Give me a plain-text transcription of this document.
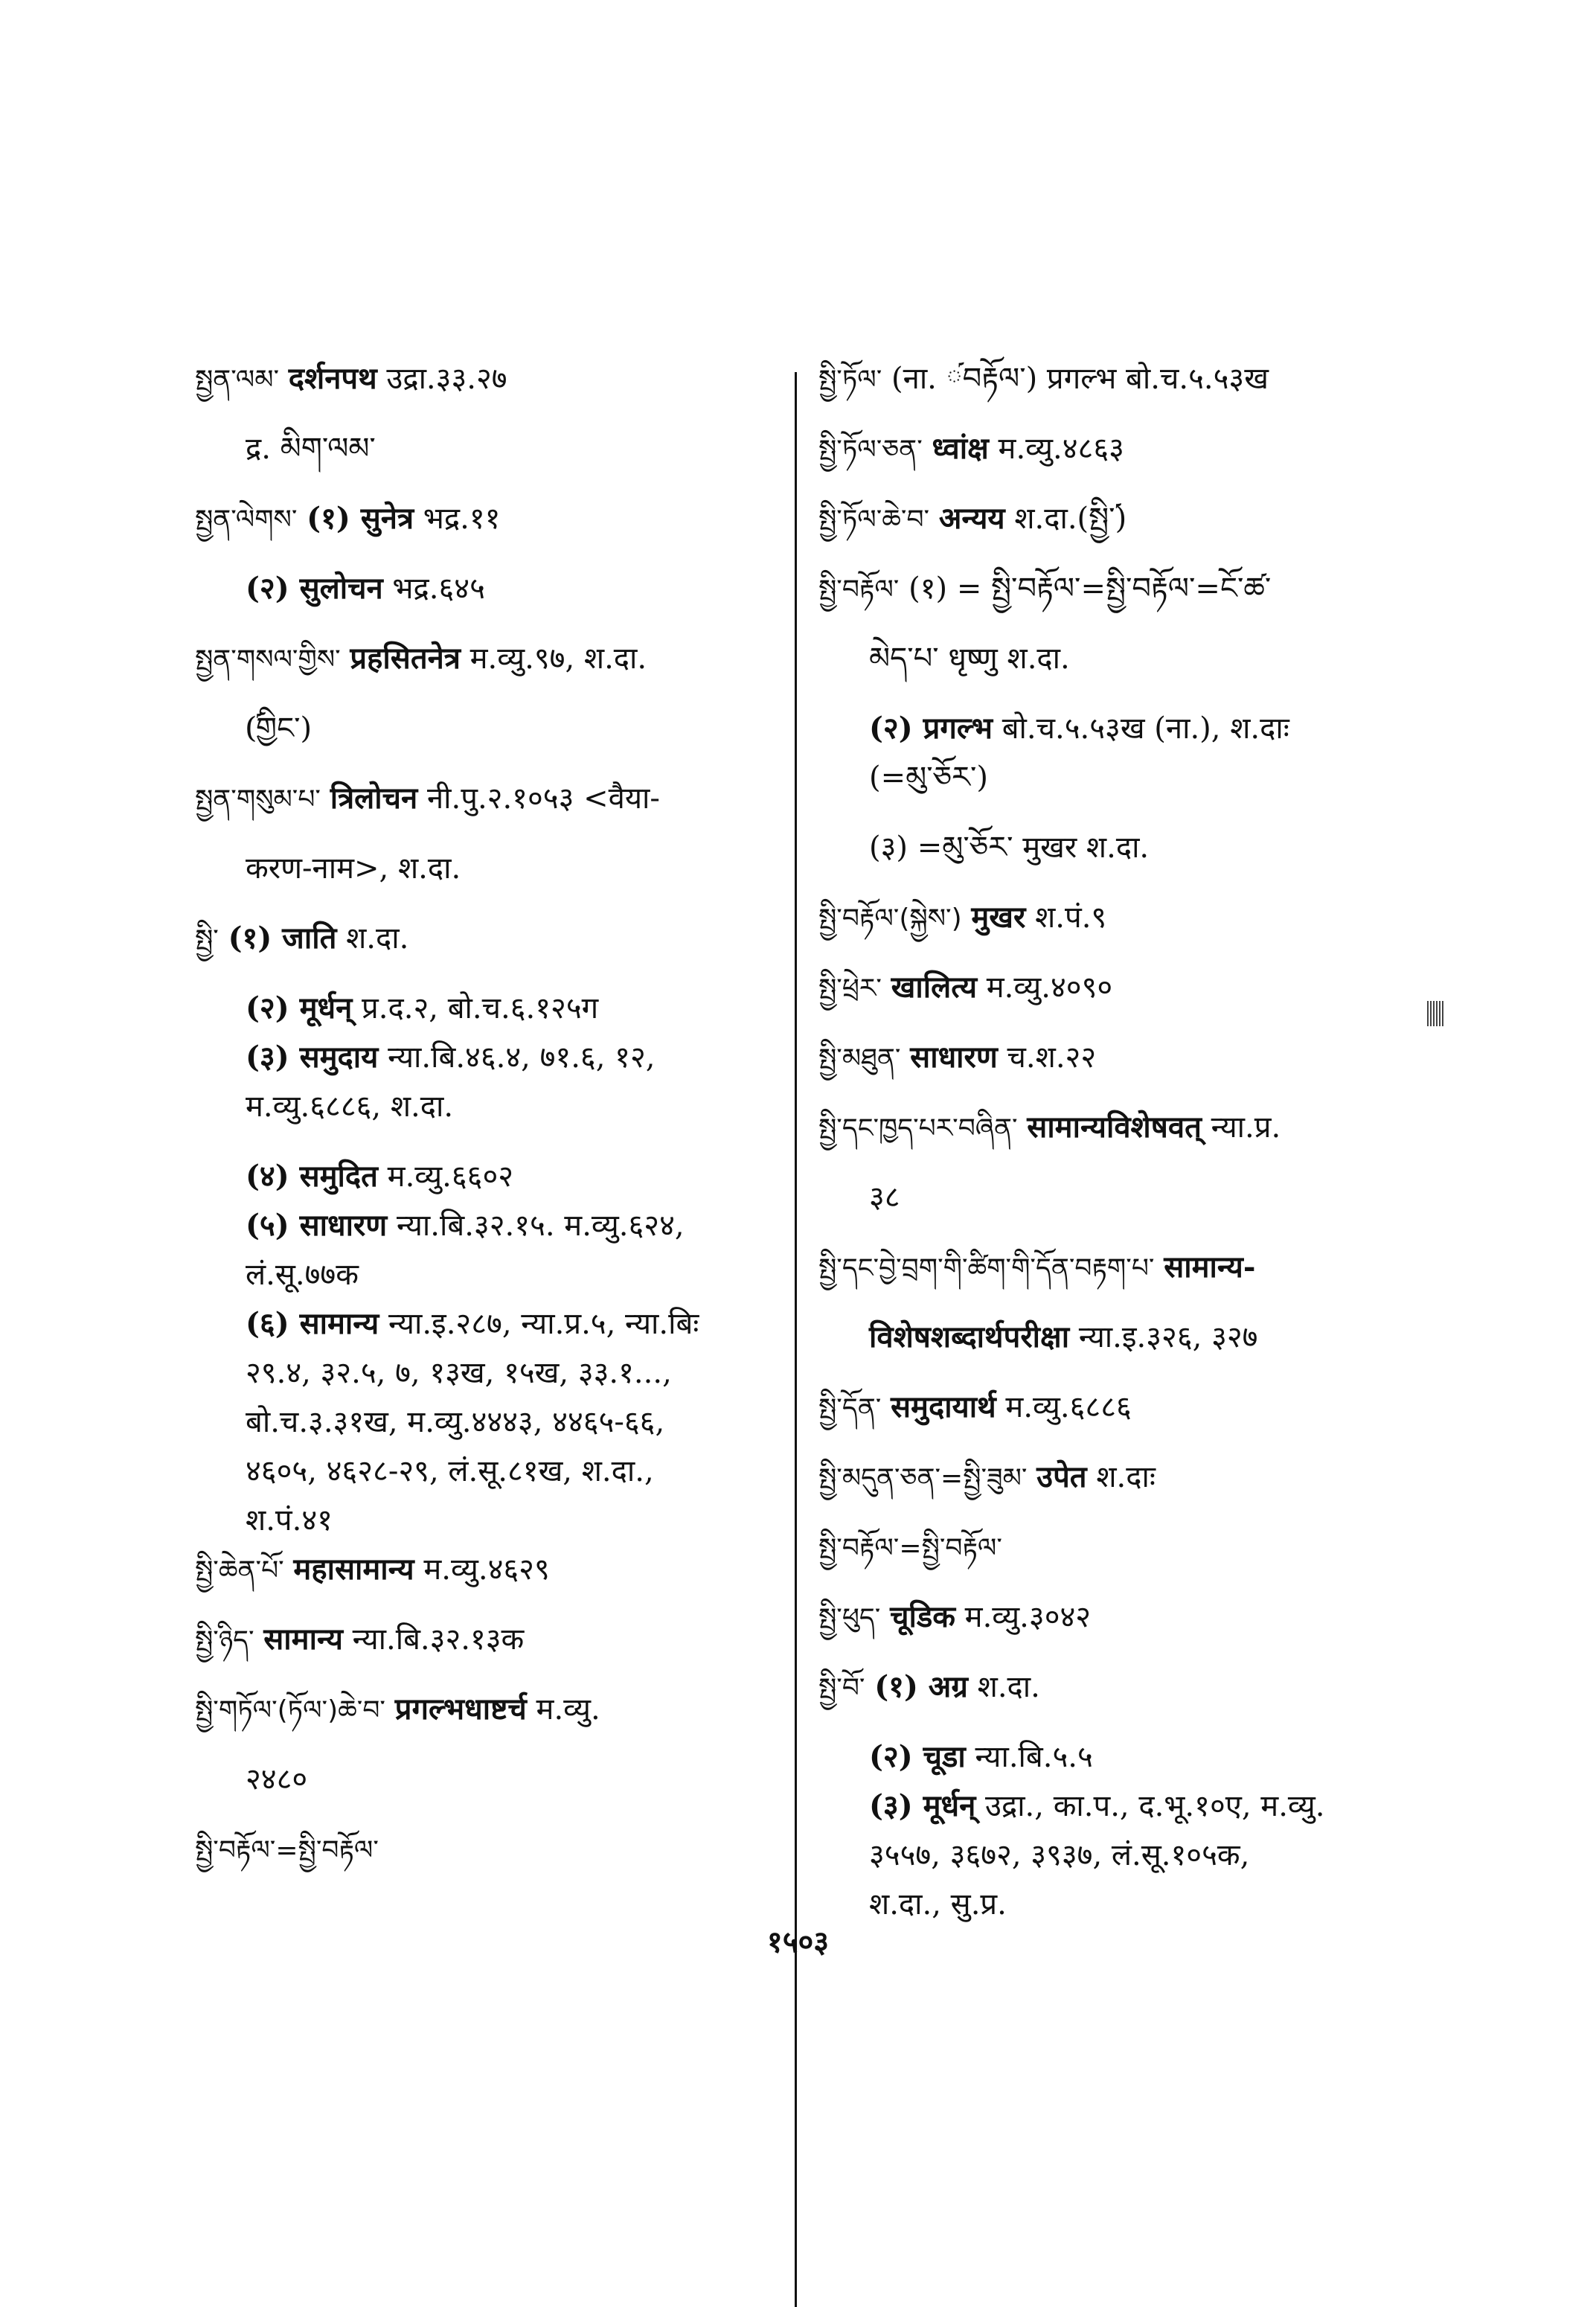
སྤྱན་ལམ་ दर्शनपथ उद्रा.३३.२७
द्र. མིག་ལམ་
སྤྱན་ལེགས་ (१) सुनेत्र भद्र.११
(२) सुलोचन भद्र.६४५
སྤྱན་གསལ་གྱིས་ प्रहसितनेत्र म.व्यु.९७, श.दा.
(༹གྱིང་)
སྤྱན་གསུམ་པ་ त्रिलोचन नी.पु.२.१०५३ <वैया-
करण-नाम>, श.दा.
སྤྱི་ (१) जाति श.दा.
(२) मूर्धन् प्र.द.२, बो.च.६.१२५ग
(३) समुदाय न्या.बि.४६.४, ७१.६, १२,
म.व्यु.६८८६, श.दा.
(४) समुदित म.व्यु.६६०२
(५) साधारण न्या.बि.३२.१५. म.व्यु.६२४,
लं.सू.७७क
(६) सामान्य न्या.इ.२८७, न्या.प्र.५, न्या.बिः
२९.४, ३२.५, ७, १३ख, १५ख, ३३.१...,
बो.च.३.३१ख, म.व्यु.४४४३, ४४६५-६६,
४६०५, ४६२८-२९, लं.सू.८१ख, श.दा.,
श.पं.४१
སྤྱི་ཆེན་པོ་ महासामान्य म.व्यु.४६२९
སྤྱི་ཉིད་ सामान्य न्या.बि.३२.१३क
སྤྱི་གཏོལ་(ཏོལ་)ཆེ་བ་ प्रगल्भधाष्टर्च म.व्यु.
२४८०
སྤྱི་བརྟོལ་=སྤྱི་བརྟོལ་
སྤྱི་ཏོལ་ (ना. ༹བརྟོལ་) प्रगल्भ बो.च.५.५३ख
སྤྱི་ཏོལ་ཅན་ ध्वांक्ष म.व्यु.४८६३
སྤྱི་ཏོལ་ཆེ་བ་ अन्यय श.दा.(སྤྱི་༹)
སྤྱི་བརྟོལ་ (१) = སྤྱི་བརྟོལ་=སྤྱི་བརྟོལ་=ངོ་ཚ་
མེད་པ་ धृष्णु श.दा.
(२) प्रगल्भ बो.च.५.५३ख (ना.), श.दाः
(=མུ་ཅོར་)
(३) =མུ་ཅོར་ मुखर श.दा.
སྤྱི་བརྟོལ་(སྐྱེས་) मुखर श.पं.९
སྤྱི་ཕྲེར་ खालित्य म.व्यु.४०९०
སྤྱི་མཐུན་ साधारण च.श.२२
སྤྱི་དང་ཁྱད་པར་བཞིན་ सामान्यविशेषवत् न्या.प्र.
३८
སྤྱི་དང་བྱེ་བྲག་གི་ཚིག་གི་དོན་བརྟག་པ་ सामान्य-
विशेषशब्दार्थपरीक्षा न्या.इ.३२६, ३२७
སྤྱི་དོན་ समुदायार्थ म.व्यु.६८८६
སྤྱི་མདུན་ཅན་=སྤྱི་ཟུམ་ उपेत श.दाः
སྤྱི་བརྟོལ་=སྤྱི་བརྟོལ་
སྤྱི་ཕུད་ चूडिक म.व्यु.३०४२
སྤྱི་བོ་ (१) अग्र श.दा.
(२) चूडा न्या.बि.५.५
(३) मूर्धन् उद्रा., का.प., द.भू.१०ए, म.व्यु.
३५५७, ३६७२, ३९३७, लं.सू.१०५क,
श.दा., सु.प्र.
१५०३
